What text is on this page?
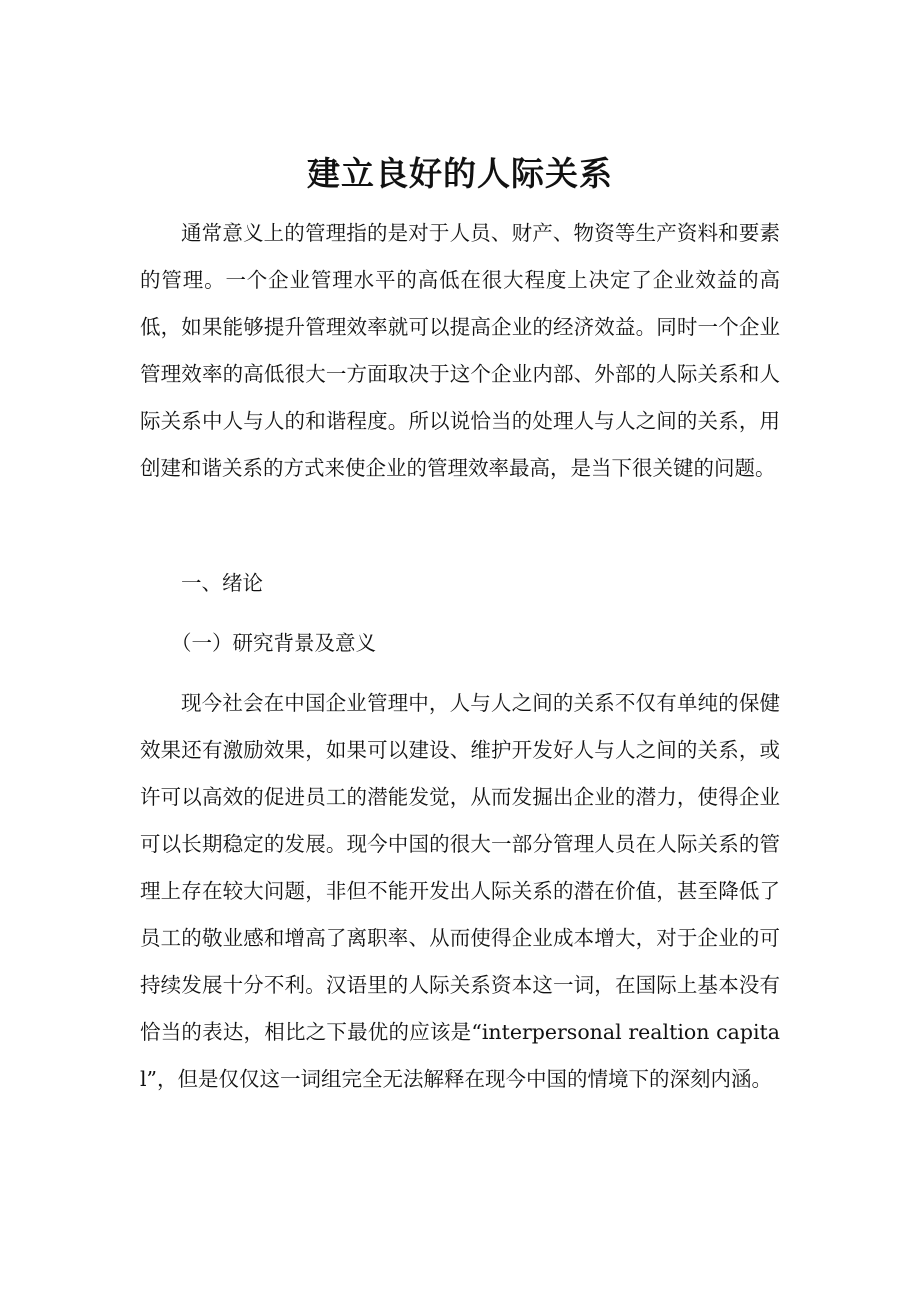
建立良好的人际关系

通常意义上的管理指的是对于人员、财产、物资等生产资料和要素的管理。一个企业管理水平的高低在很大程度上决定了企业效益的高低，如果能够提升管理效率就可以提高企业的经济效益。同时一个企业管理效率的高低很大一方面取决于这个企业内部、外部的人际关系和人际关系中人与人的和谐程度。所以说恰当的处理人与人之间的关系，用创建和谐关系的方式来使企业的管理效率最高，是当下很关键的问题。

一、绪论

（一）研究背景及意义

现今社会在中国企业管理中，人与人之间的关系不仅有单纯的保健效果还有激励效果，如果可以建设、维护开发好人与人之间的关系，或许可以高效的促进员工的潜能发觉，从而发掘出企业的潜力，使得企业可以长期稳定的发展。现今中国的很大一部分管理人员在人际关系的管理上存在较大问题，非但不能开发出人际关系的潜在价值，甚至降低了员工的敬业感和增高了离职率、从而使得企业成本增大，对于企业的可持续发展十分不利。汉语里的人际关系资本这一词，在国际上基本没有恰当的表达，相比之下最优的应该是“interpersonal realtion capital”，但是仅仅这一词组完全无法解释在现今中国的情境下的深刻内涵。
